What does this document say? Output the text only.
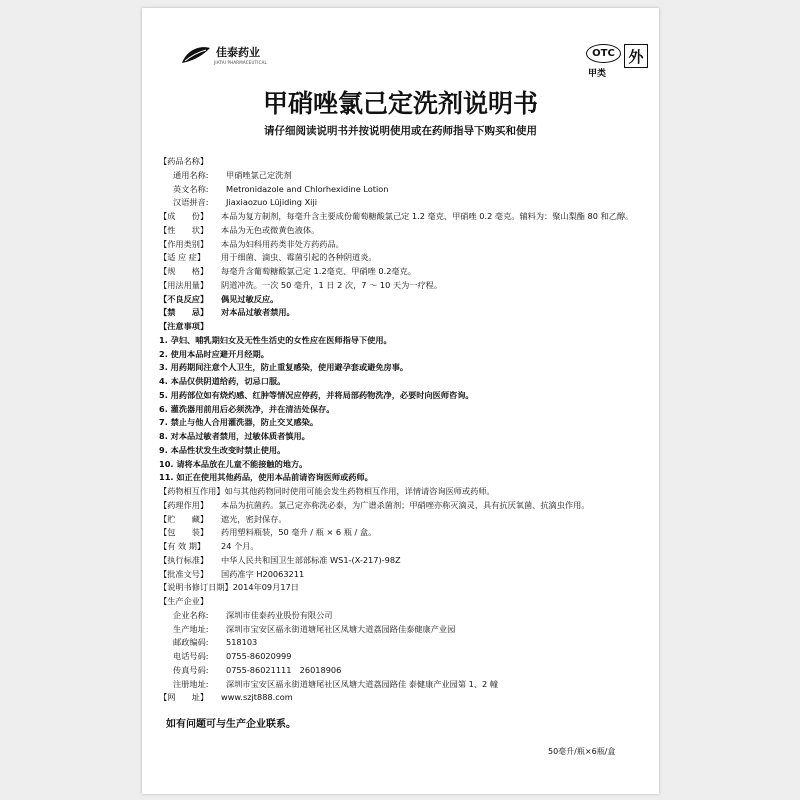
佳泰药业
JIATAI PHARMACEUTICAL
OTC
甲类
外
甲硝唑氯己定洗剂说明书
请仔细阅读说明书并按说明使用或在药师指导下购买和使用
【药品名称】
通用名称:	甲硝唑氯己定洗剂
英文名称:	Metronidazole and Chlorhexidine Lotion
汉语拼音:	Jiaxiaozuo Lüjiding Xiji
【成　　份】	本品为复方制剂，每毫升含主要成份葡萄糖酸氯己定 1.2 毫克、甲硝唑 0.2 毫克。辅料为：聚山梨酯 80 和乙醇。
【性　　状】	本品为无色或微黄色液体。
【作用类别】	本品为妇科用药类非处方药药品。
【适 应 症】	用于细菌、滴虫、霉菌引起的各种阴道炎。
【规　　格】	每毫升含葡萄糖酸氯己定 1.2毫克、甲硝唑 0.2毫克。
【用法用量】	阴道冲洗。一次 50 毫升，1 日 2 次，7 ～ 10 天为一疗程。
【不良反应】	偶见过敏反应。
【禁　　忌】	对本品过敏者禁用。
【注意事项】
1. 孕妇、哺乳期妇女及无性生活史的女性应在医师指导下使用。
2. 使用本品时应避开月经期。
3. 用药期间注意个人卫生，防止重复感染，使用避孕套或避免房事。
4. 本品仅供阴道给药，切忌口服。
5. 用药部位如有烧灼感、红肿等情况应停药，并将局部药物洗净，必要时向医师咨询。
6. 灌洗器用前用后必须洗净，并在清洁处保存。
7. 禁止与他人合用灌洗器，防止交叉感染。
8. 对本品过敏者禁用，过敏体质者慎用。
9. 本品性状发生改变时禁止使用。
10. 请将本品放在儿童不能接触的地方。
11. 如正在使用其他药品，使用本品前请咨询医师或药师。
【药物相互作用】 如与其他药物同时使用可能会发生药物相互作用，详情请咨询医师或药师。
【药理作用】	本品为抗菌药。氯己定亦称洗必泰，为广谱杀菌剂；甲硝唑亦称灭滴灵，具有抗厌氧菌、抗滴虫作用。
【贮　　藏】	遮光，密封保存。
【包　　装】	药用塑料瓶装，50 毫升 / 瓶 × 6 瓶 / 盒。
【有 效 期】	24 个月。
【执行标准】	中华人民共和国卫生部部标准 WS1-(X-217)-98Z
【批准文号】	国药准字 H20063211
【说明书修订日期】 2014年09月17日
【生产企业】
企业名称:	深圳市佳泰药业股份有限公司
生产地址:	深圳市宝安区福永街道塘尾社区凤塘大道荔园路佳泰健康产业园
邮政编码:	518103
电话号码:	0755-86020999
传真号码:	0755-86021111　26018906
注册地址:	深圳市宝安区福永街道塘尾社区凤塘大道荔园路佳 泰健康产业园第 1、2 幢
【网　　址】	www.szjt888.com
如有问题可与生产企业联系。
50毫升/瓶×6瓶/盒
